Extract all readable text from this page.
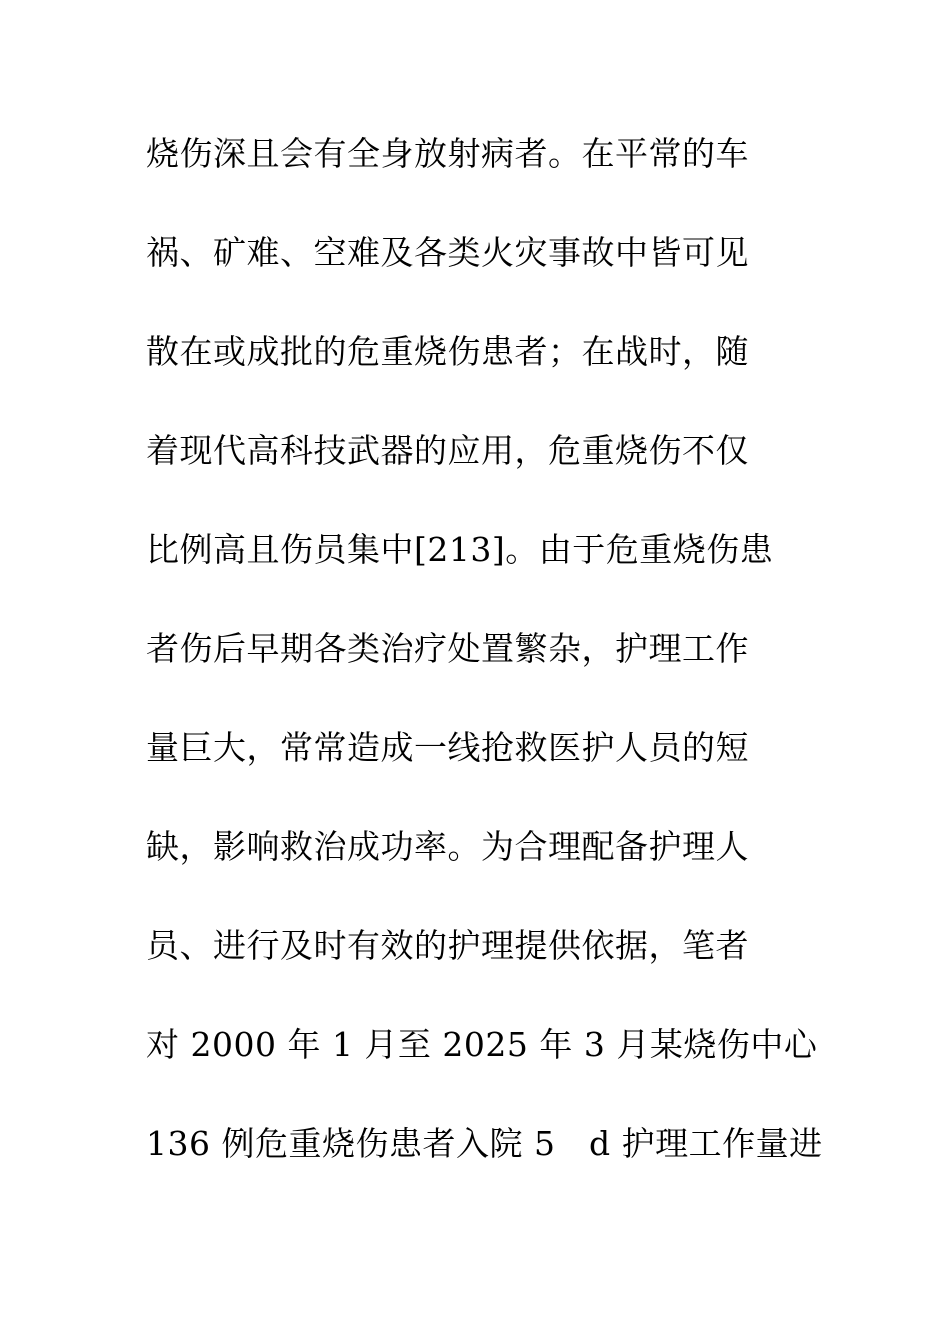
烧伤深且会有全身放射病者。在平常的车
祸、矿难、空难及各类火灾事故中皆可见
散在或成批的危重烧伤患者；在战时，随
着现代高科技武器的应用，危重烧伤不仅
比例高且伤员集中[213]。由于危重烧伤患
者伤后早期各类治疗处置繁杂，护理工作
量巨大，常常造成一线抢救医护人员的短
缺，影响救治成功率。为合理配备护理人
员、进行及时有效的护理提供依据，笔者
对 2000 年 1 月至 2025 年 3 月某烧伤中心
136 例危重烧伤患者入院 5　d 护理工作量进
